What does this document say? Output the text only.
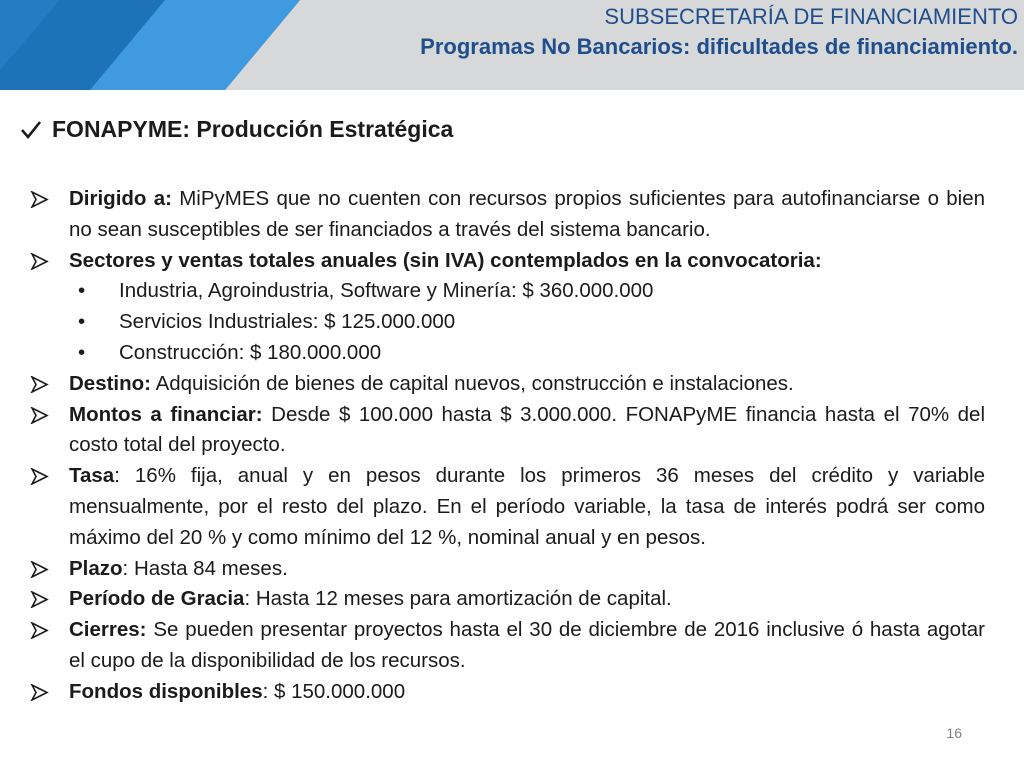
SUBSECRETARÍA DE FINANCIAMIENTO
Programas No Bancarios: dificultades de financiamiento.
FONAPYME: Producción Estratégica
Dirigido a: MiPyMES que no cuenten con recursos propios suficientes para autofinanciarse o bien no sean susceptibles de ser financiados a través del sistema bancario.
Sectores y ventas totales anuales (sin IVA) contemplados en la convocatoria:
• Industria, Agroindustria, Software y Minería: $ 360.000.000
• Servicios Industriales: $ 125.000.000
• Construcción: $ 180.000.000
Destino: Adquisición de bienes de capital nuevos, construcción e instalaciones.
Montos a financiar: Desde $ 100.000 hasta $ 3.000.000. FONAPyME financia hasta el 70% del costo total del proyecto.
Tasa: 16% fija, anual y en pesos durante los primeros 36 meses del crédito y variable mensualmente, por el resto del plazo. En el período variable, la tasa de interés podrá ser como máximo del 20 % y como mínimo del 12 %, nominal anual y en pesos.
Plazo: Hasta 84 meses.
Período de Gracia: Hasta 12 meses para amortización de capital.
Cierres: Se pueden presentar proyectos hasta el 30 de diciembre de 2016 inclusive ó hasta agotar el cupo de la disponibilidad de los recursos.
Fondos disponibles: $ 150.000.000
16
